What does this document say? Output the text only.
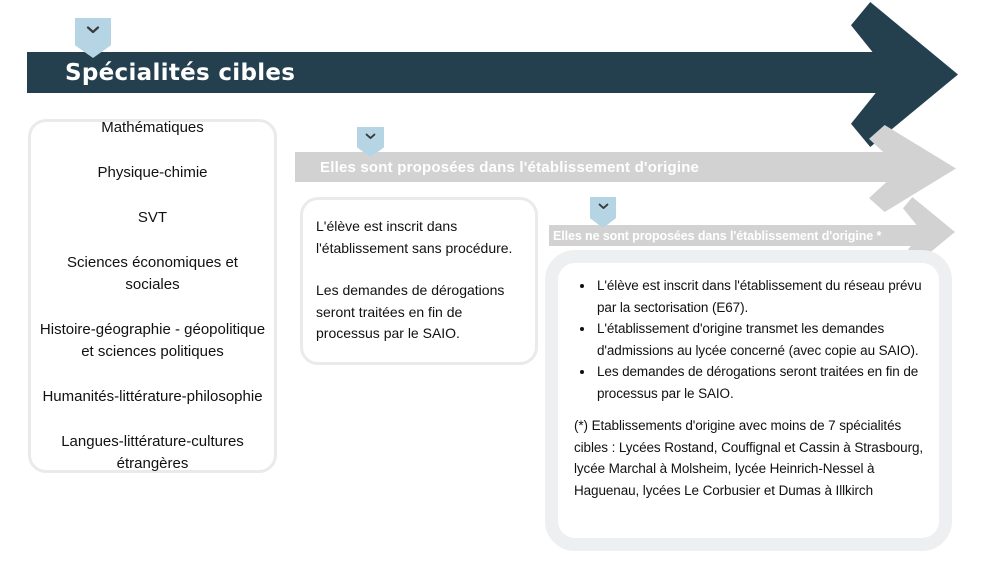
Spécialités cibles
Mathématiques
Physique-chimie
SVT
Sciences économiques et sociales
Histoire-géographie - géopolitique et sciences politiques
Humanités-littérature-philosophie
Langues-littérature-cultures étrangères
Elles sont proposées dans l'établissement d'origine

L'élève est inscrit dans l'établissement sans procédure.

Les demandes de dérogations seront traitées en fin de processus par le SAIO.

Elles ne sont proposées dans l'établissement d'origine *
• L'élève est inscrit dans l'établissement du réseau prévu par la sectorisation (E67).
• L'établissement d'origine transmet les demandes d'admissions au lycée concerné (avec copie au SAIO).
• Les demandes de dérogations seront traitées en fin de processus par le SAIO.
(*) Etablissements d'origine avec moins de 7 spécialités cibles : Lycées Rostand, Couffignal et Cassin à Strasbourg, lycée Marchal à Molsheim, lycée Heinrich-Nessel à Haguenau, lycées Le Corbusier et Dumas à Illkirch
